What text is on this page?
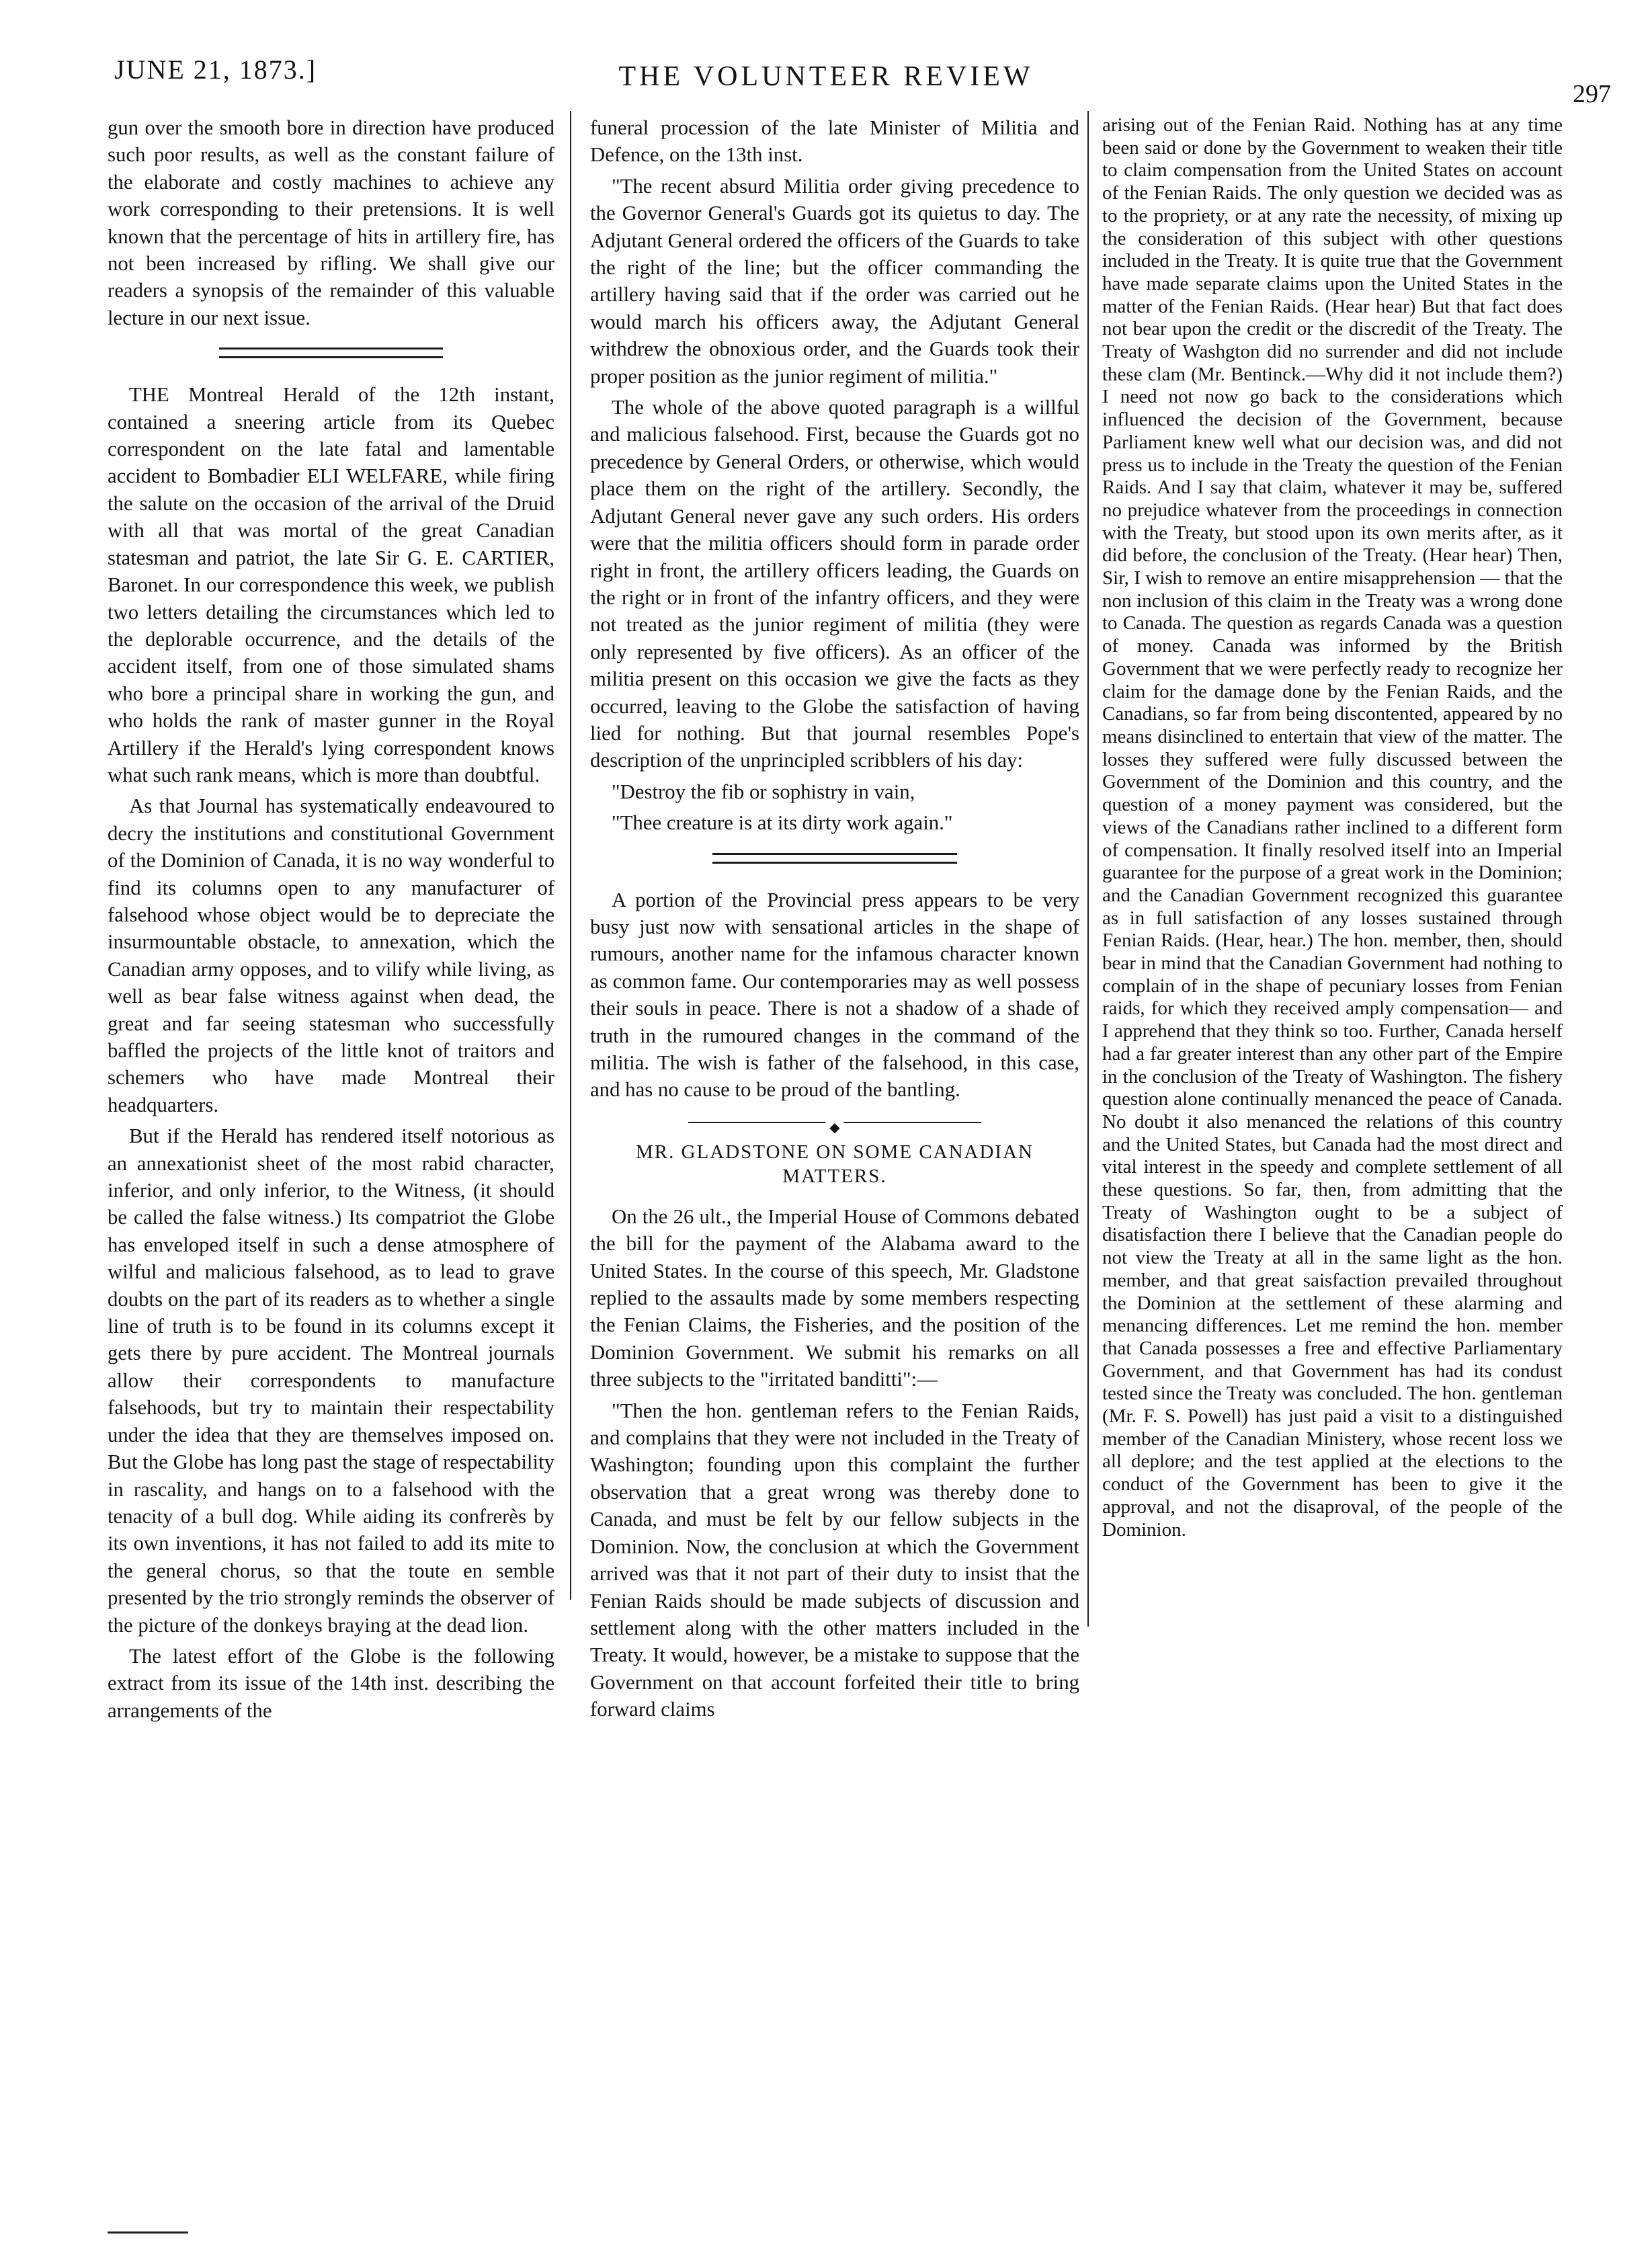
JUNE 21, 1873.]	THE VOLUNTEER REVIEW
297

gun over the smooth bore in direction have produced such poor results, as well as the constant failure of the elaborate and costly machines to achieve any work corresponding to their pretensions. It is well known that the percentage of hits in artillery fire, has not been increased by rifling. We shall give our readers a synopsis of the remainder of this valuable lecture in our next issue.

THE Montreal Herald of the 12th instant, contained a sneering article from its Quebec correspondent on the late fatal and lamentable accident to Bombadier ELI WELFARE, while firing the salute on the occasion of the arrival of the Druid with all that was mortal of the great Canadian statesman and patriot, the late Sir G. E. CARTIER, Baronet. In our correspondence this week, we publish two letters detailing the circumstances which led to the deplorable occurrence, and the details of the accident itself, from one of those simulated shams who bore a principal share in working the gun, and who holds the rank of master gunner in the Royal Artillery if the Herald's lying correspondent knows what such rank means, which is more than doubtful.

As that Journal has systematically endeavoured to decry the institutions and constitutional Government of the Dominion of Canada, it is no way wonderful to find its columns open to any manufacturer of falsehood whose object would be to depreciate the insurmountable obstacle, to annexation, which the Canadian army opposes, and to vilify while living, as well as bear false witness against when dead, the great and far seeing statesman who successfully baffled the projects of the little knot of traitors and schemers who have made Montreal their headquarters.

But if the Herald has rendered itself notorious as an annexationist sheet of the most rabid character, inferior, and only inferior, to the Witness, (it should be called the false witness.) Its compatriot the Globe has enveloped itself in such a dense atmosphere of wilful and malicious falsehood, as to lead to grave doubts on the part of its readers as to whether a single line of truth is to be found in its columns except it gets there by pure accident. The Montreal journals allow their correspondents to manufacture falsehoods, but try to maintain their respectability under the idea that they are themselves imposed on. But the Globe has long past the stage of respectability in rascality, and hangs on to a falsehood with the tenacity of a bull dog. While aiding its confrerès by its own inventions, it has not failed to add its mite to the general chorus, so that the toute en semble presented by the trio strongly reminds the observer of the picture of the donkeys braying at the dead lion.

The latest effort of the Globe is the following extract from its issue of the 14th inst. describing the arrangements of the

funeral procession of the late Minister of Militia and Defence, on the 13th inst.

"The recent absurd Militia order giving precedence to the Governor General's Guards got its quietus to day. The Adjutant General ordered the officers of the Guards to take the right of the line; but the officer commanding the artillery having said that if the order was carried out he would march his officers away, the Adjutant General withdrew the obnoxious order, and the Guards took their proper position as the junior regiment of militia."

The whole of the above quoted paragraph is a willful and malicious falsehood. First, because the Guards got no precedence by General Orders, or otherwise, which would place them on the right of the artillery. Secondly, the Adjutant General never gave any such orders. His orders were that the militia officers should form in parade order right in front, the artillery officers leading, the Guards on the right or in front of the infantry officers, and they were not treated as the junior regiment of militia (they were only represented by five officers). As an officer of the militia present on this occasion we give the facts as they occurred, leaving to the Globe the satisfaction of having lied for nothing. But that journal resembles Pope's description of the unprincipled scribblers of his day:

"Destroy the fib or sophistry in vain,

"Thee creature is at its dirty work again."

A portion of the Provincial press appears to be very busy just now with sensational articles in the shape of rumours, another name for the infamous character known as common fame. Our contemporaries may as well possess their souls in peace. There is not a shadow of a shade of truth in the rumoured changes in the command of the militia. The wish is father of the falsehood, in this case, and has no cause to be proud of the bantling.

◆
MR. GLADSTONE ON SOME CANADIAN MATTERS.

On the 26 ult., the Imperial House of Commons debated the bill for the payment of the Alabama award to the United States. In the course of this speech, Mr. Gladstone replied to the assaults made by some members respecting the Fenian Claims, the Fisheries, and the position of the Dominion Government. We submit his remarks on all three subjects to the "irritated banditti":—

"Then the hon. gentleman refers to the Fenian Raids, and complains that they were not included in the Treaty of Washington; founding upon this complaint the further observation that a great wrong was thereby done to Canada, and must be felt by our fellow subjects in the Dominion. Now, the conclusion at which the Government arrived was that it not part of their duty to insist that the Fenian Raids should be made subjects of discussion and settlement along with the other matters included in the Treaty. It would, however, be a mistake to suppose that the Government on that account forfeited their title to bring forward claims

arising out of the Fenian Raid. Nothing has at any time been said or done by the Government to weaken their title to claim compensation from the United States on account of the Fenian Raids. The only question we decided was as to the propriety, or at any rate the necessity, of mixing up the consideration of this subject with other questions included in the Treaty. It is quite true that the Government have made separate claims upon the United States in the matter of the Fenian Raids. (Hear hear) But that fact does not bear upon the credit or the discredit of the Treaty. The Treaty of Washgton did no surrender and did not include these clam (Mr. Bentinck.—Why did it not include them?) I need not now go back to the considerations which influenced the decision of the Government, because Parliament knew well what our decision was, and did not press us to include in the Treaty the question of the Fenian Raids. And I say that claim, whatever it may be, suffered no prejudice whatever from the proceedings in connection with the Treaty, but stood upon its own merits after, as it did before, the conclusion of the Treaty. (Hear hear) Then, Sir, I wish to remove an entire misapprehension — that the non inclusion of this claim in the Treaty was a wrong done to Canada. The question as regards Canada was a question of money. Canada was informed by the British Government that we were perfectly ready to recognize her claim for the damage done by the Fenian Raids, and the Canadians, so far from being discontented, appeared by no means disinclined to entertain that view of the matter. The losses they suffered were fully discussed between the Government of the Dominion and this country, and the question of a money payment was considered, but the views of the Canadians rather inclined to a different form of compensation. It finally resolved itself into an Imperial guarantee for the purpose of a great work in the Dominion; and the Canadian Government recognized this guarantee as in full satisfaction of any losses sustained through Fenian Raids. (Hear, hear.) The hon. member, then, should bear in mind that the Canadian Government had nothing to complain of in the shape of pecuniary losses from Fenian raids, for which they received amply compensation— and I apprehend that they think so too. Further, Canada herself had a far greater interest than any other part of the Empire in the conclusion of the Treaty of Washington. The fishery question alone continually menanced the peace of Canada. No doubt it also menanced the relations of this country and the United States, but Canada had the most direct and vital interest in the speedy and complete settlement of all these questions. So far, then, from admitting that the Treaty of Washington ought to be a subject of disatisfaction there I believe that the Canadian people do not view the Treaty at all in the same light as the hon. member, and that great saisfaction prevailed throughout the Dominion at the settlement of these alarming and menancing differences. Let me remind the hon. member that Canada possesses a free and effective Parliamentary Government, and that Government has had its condust tested since the Treaty was concluded. The hon. gentleman (Mr. F. S. Powell) has just paid a visit to a distinguished member of the Canadian Ministery, whose recent loss we all deplore; and the test applied at the elections to the conduct of the Government has been to give it the approval, and not the disaproval, of the people of the Dominion.
